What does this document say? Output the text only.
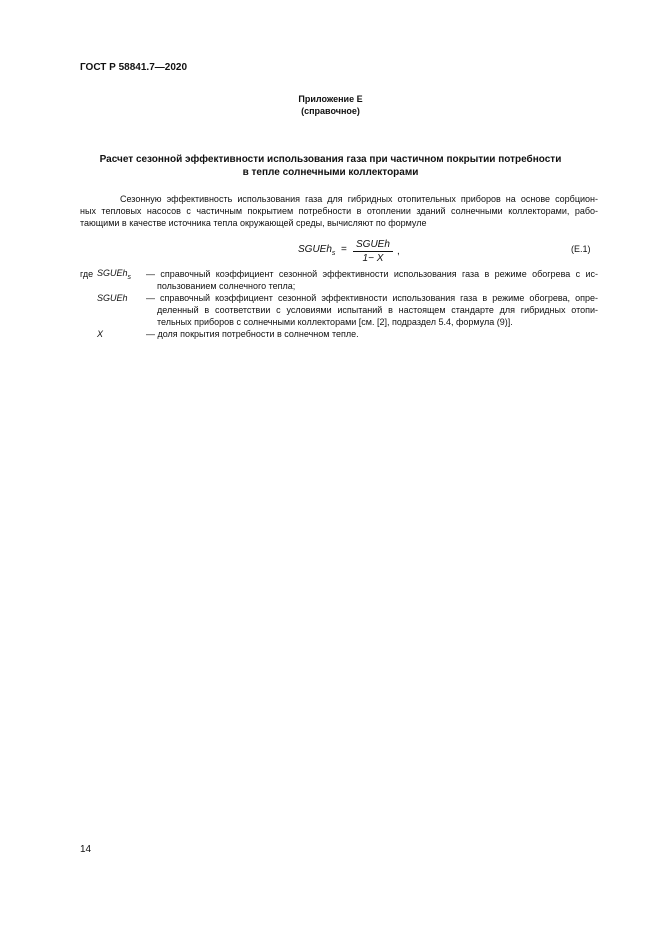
ГОСТ Р 58841.7—2020
Приложение Е
(справочное)
Расчет сезонной эффективности использования газа при частичном покрытии потребности
в тепле солнечными коллекторами
Сезонную эффективность использования газа для гибридных отопительных приборов на основе сорбцион-
ных тепловых насосов с частичным покрытием потребности в отоплении зданий солнечными коллекторами, рабо-
тающими в качестве источника тепла окружающей среды, вычисляют по формуле
SGUEh$_s$ = SGUEh
1− X
,	(Е.1)
где SGUEh$_s$ — справочный коэффициент сезонной эффективности использования газа в режиме обогрева с ис-
пользованием солнечного тепла;
SGUEh — справочный коэффициент сезонной эффективности использования газа в режиме обогрева, опре-
деленный в соответствии с условиями испытаний в настоящем стандарте для гибридных отопи-
тельных приборов с солнечными коллекторами [см. [2], подраздел 5.4, формула (9)].
X	— доля покрытия потребности в солнечном тепле.
14
